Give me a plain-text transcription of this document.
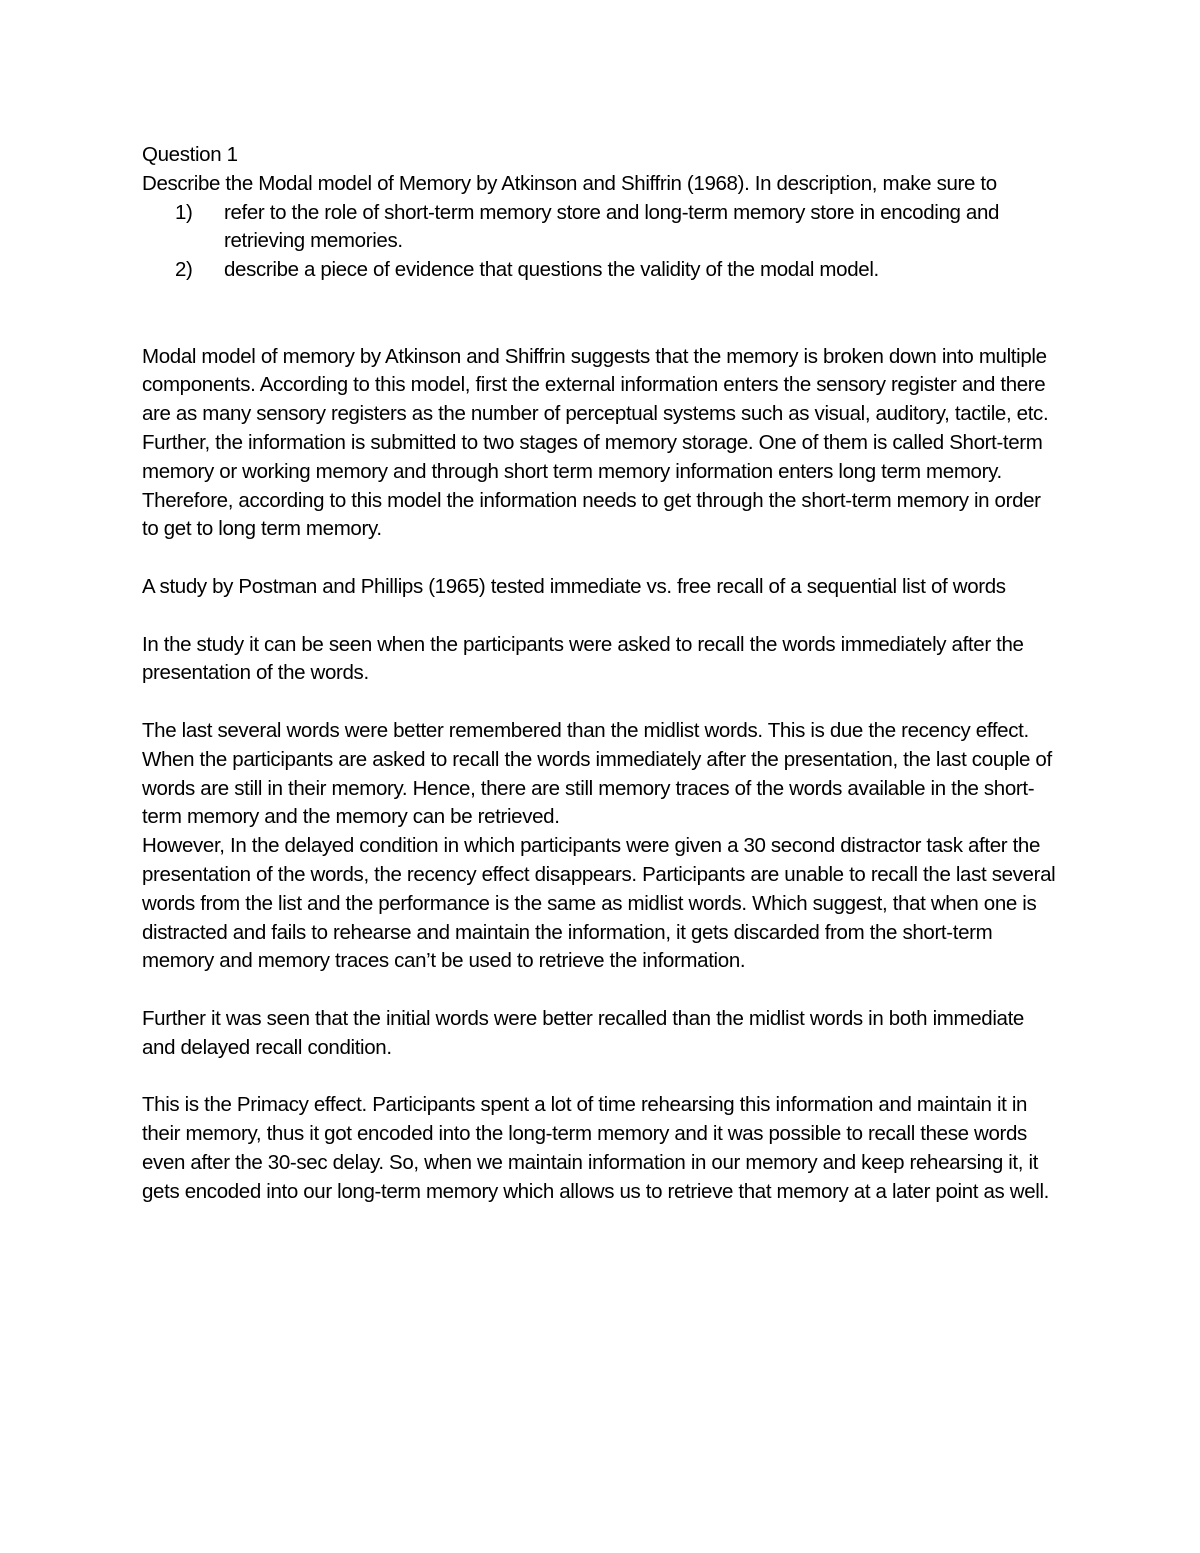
Question 1

Describe the Modal model of Memory by Atkinson and Shiffrin (1968). In description, make sure to

1)	refer to the role of short-term memory store and long-term memory store in encoding and retrieving memories.
2)	describe a piece of evidence that questions the validity of the modal model.

Modal model of memory by Atkinson and Shiffrin suggests that the memory is broken down into multiple components. According to this model, first the external information enters the sensory register and there are as many sensory registers as the number of perceptual systems such as visual, auditory, tactile, etc. Further, the information is submitted to two stages of memory storage. One of them is called Short-term memory or working memory and through short term memory information enters long term memory.

Therefore, according to this model the information needs to get through the short-term memory in order to get to long term memory.

A study by Postman and Phillips (1965) tested immediate vs. free recall of a sequential list of words

In the study it can be seen when the participants were asked to recall the words immediately after the presentation of the words.

The last several words were better remembered than the midlist words. This is due the recency effect. When the participants are asked to recall the words immediately after the presentation, the last couple of words are still in their memory. Hence, there are still memory traces of the words available in the short-term memory and the memory can be retrieved.

However, In the delayed condition in which participants were given a 30 second distractor task after the presentation of the words, the recency effect disappears. Participants are unable to recall the last several words from the list and the performance is the same as midlist words. Which suggest, that when one is distracted and fails to rehearse and maintain the information, it gets discarded from the short-term memory and memory traces can’t be used to retrieve the information.

Further it was seen that the initial words were better recalled than the midlist words in both immediate and delayed recall condition.

This is the Primacy effect. Participants spent a lot of time rehearsing this information and maintain it in their memory, thus it got encoded into the long-term memory and it was possible to recall these words even after the 30-sec delay. So, when we maintain information in our memory and keep rehearsing it, it gets encoded into our long-term memory which allows us to retrieve that memory at a later point as well.
